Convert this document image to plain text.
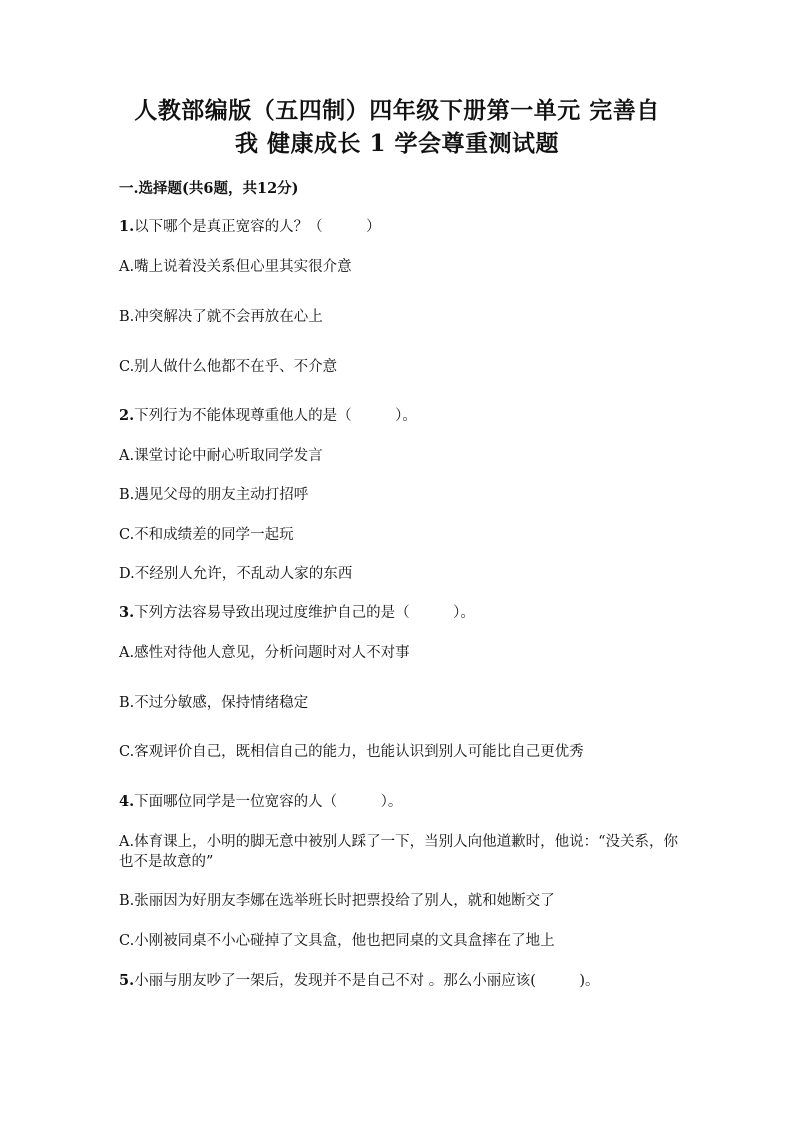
人教部编版（五四制）四年级下册第一单元 完善自
我 健康成长 1 学会尊重测试题
一.选择题(共6题，共12分)
1.以下哪个是真正宽容的人？（　　　）
A.嘴上说着没关系但心里其实很介意
B.冲突解决了就不会再放在心上
C.别人做什么他都不在乎、不介意
2.下列行为不能体现尊重他人的是（　　　）。
A.课堂讨论中耐心听取同学发言
B.遇见父母的朋友主动打招呼
C.不和成绩差的同学一起玩
D.不经别人允许，不乱动人家的东西
3.下列方法容易导致出现过度维护自己的是（　　　）。
A.感性对待他人意见，分析问题时对人不对事
B.不过分敏感，保持情绪稳定
C.客观评价自己，既相信自己的能力，也能认识到别人可能比自己更优秀
4.下面哪位同学是一位宽容的人（　　　）。
A.体育课上，小明的脚无意中被别人踩了一下，当别人向他道歉时，他说：“没关系，你也不是故意的”
B.张丽因为好朋友李娜在选举班长时把票投给了别人，就和她断交了
C.小刚被同桌不小心碰掉了文具盒，他也把同桌的文具盒摔在了地上
5.小丽与朋友吵了一架后，发现并不是自己不对 。那么小丽应该(　　　)。
